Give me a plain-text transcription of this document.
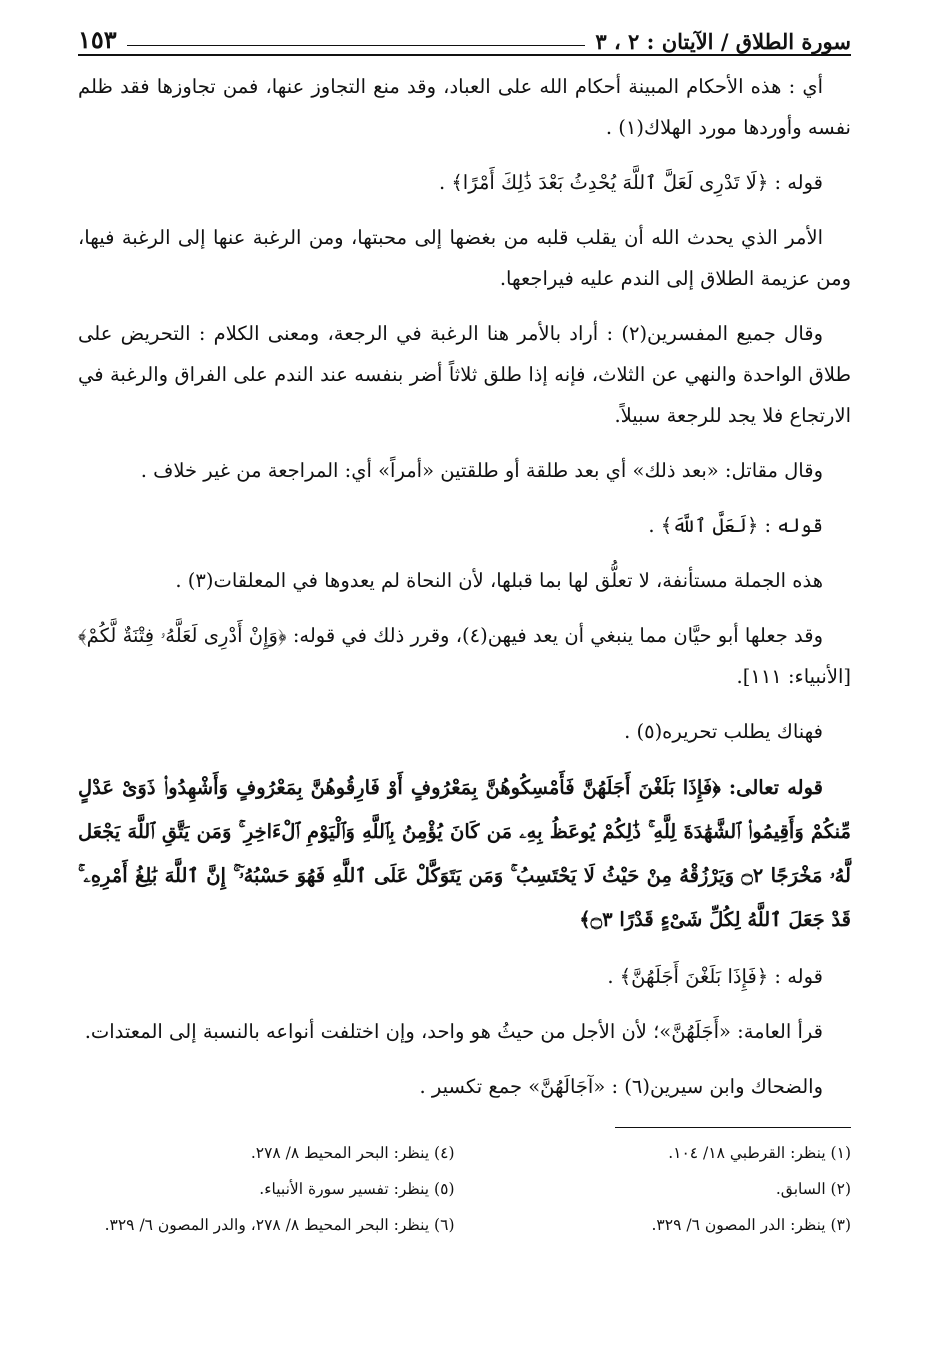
سورة الطلاق / الآيتان : ٢ ، ٣
١٥٣

أي : هذه الأحكام المبينة أحكام الله على العباد، وقد منع التجاوز عنها، فمن تجاوزها فقد ظلم نفسه وأوردها مورد الهلاك(١) .

قوله : ﴿لَا تَدْرِى لَعَلَّ ٱللَّهَ يُحْدِثُ بَعْدَ ذَٰلِكَ أَمْرًا﴾ .

الأمر الذي يحدث الله أن يقلب قلبه من بغضها إلى محبتها، ومن الرغبة عنها إلى الرغبة فيها، ومن عزيمة الطلاق إلى الندم عليه فيراجعها.

وقال جميع المفسرين(٢) : أراد بالأمر هنا الرغبة في الرجعة، ومعنى الكلام : التحريض على طلاق الواحدة والنهي عن الثلاث، فإنه إذا طلق ثلاثاً أضر بنفسه عند الندم على الفراق والرغبة في الارتجاع فلا يجد للرجعة سبيلاً.

وقال مقاتل: «بعد ذلك» أي بعد طلقة أو طلقتين «أمراً» أي: المراجعة من غير خلاف .

قوله : ﴿لَعَلَّ ٱللَّهَ﴾ .

هذه الجملة مستأنفة، لا تعلُّق لها بما قبلها، لأن النحاة لم يعدوها في المعلقات(٣) .

وقد جعلها أبو حيَّان مما ينبغي أن يعد فيهن(٤)، وقرر ذلك في قوله: ﴿وَإِنْ أَدْرِى لَعَلَّهُۥ فِتْنَةٌ لَّكُمْ﴾ [الأنبياء: ١١١].

فهناك يطلب تحريره(٥) .

قوله تعالى: ﴿فَإِذَا بَلَغْنَ أَجَلَهُنَّ فَأَمْسِكُوهُنَّ بِمَعْرُوفٍ أَوْ فَارِقُوهُنَّ بِمَعْرُوفٍ وَأَشْهِدُوا۟ ذَوَىْ عَدْلٍ مِّنكُمْ وَأَقِيمُوا۟ ٱلشَّهَٰدَةَ لِلَّهِ ۚ ذَٰلِكُمْ يُوعَظُ بِهِۦ مَن كَانَ يُؤْمِنُ بِٱللَّهِ وَٱلْيَوْمِ ٱلْءَاخِرِ ۚ وَمَن يَتَّقِ ٱللَّهَ يَجْعَل لَّهُۥ مَخْرَجًا ۝٢ وَيَرْزُقْهُ مِنْ حَيْثُ لَا يَحْتَسِبُ ۚ وَمَن يَتَوَكَّلْ عَلَى ٱللَّهِ فَهُوَ حَسْبُهُۥٓ ۚ إِنَّ ٱللَّهَ بَٰلِغُ أَمْرِهِۦ ۚ قَدْ جَعَلَ ٱللَّهُ لِكُلِّ شَىْءٍ قَدْرًا ۝٣﴾

قوله : ﴿فَإِذَا بَلَغْنَ أَجَلَهُنَّ﴾ .

قرأ العامة: «أَجَلَهُنَّ»؛ لأن الأجل من حيثُ هو واحد، وإن اختلفت أنواعه بالنسبة إلى المعتدات.

والضحاك وابن سيرين(٦) : «آجَالَهُنَّ» جمع تكسير .

(١) ينظر: القرطبي ١٨/ ١٠٤.
(٤) ينظر: البحر المحيط ٨/ ٢٧٨.
(٢) السابق.
(٥) ينظر: تفسير سورة الأنبياء.
(٣) ينظر: الدر المصون ٦/ ٣٢٩.
(٦) ينظر: البحر المحيط ٨/ ٢٧٨، والدر المصون ٦/ ٣٢٩.
